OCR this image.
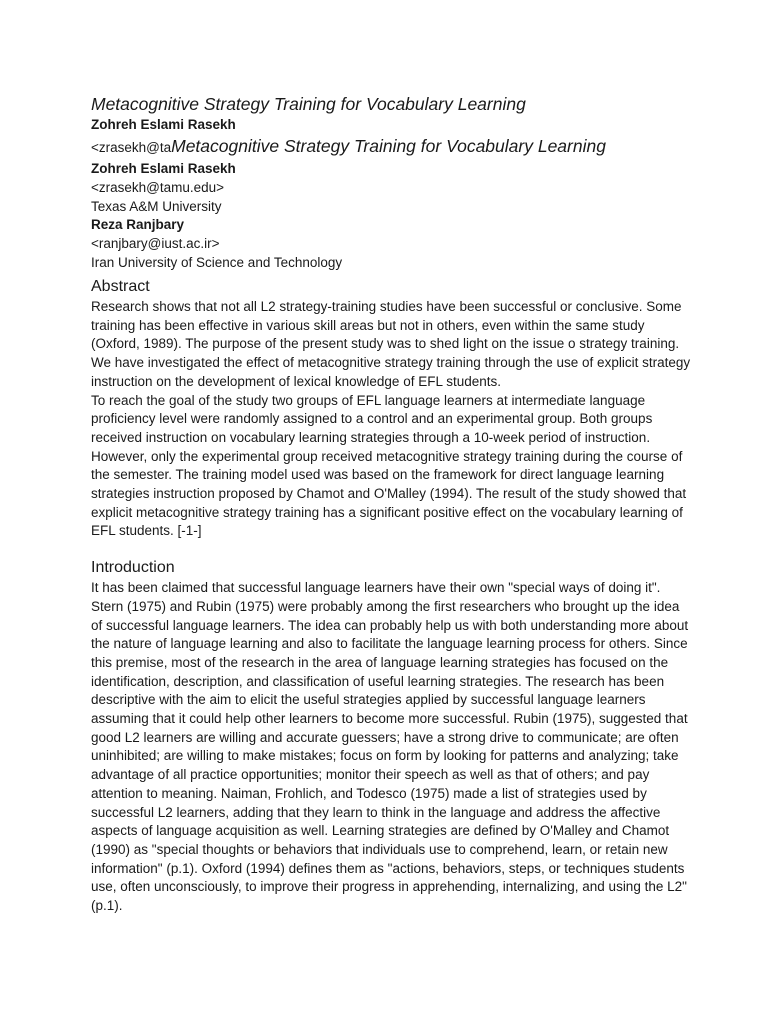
Metacognitive Strategy Training for Vocabulary Learning

Zohreh Eslami Rasekh

<zrasekh@taMetacognitive Strategy Training for Vocabulary Learning

Zohreh Eslami Rasekh

<zrasekh@tamu.edu>

Texas A&M University

Reza Ranjbary

<ranjbary@iust.ac.ir>

Iran University of Science and Technology

Abstract

Research shows that not all L2 strategy-training studies have been successful or conclusive. Some training has been effective in various skill areas but not in others, even within the same study (Oxford, 1989). The purpose of the present study was to shed light on the issue o strategy training. We have investigated the effect of metacognitive strategy training through the use of explicit strategy instruction on the development of lexical knowledge of EFL students.

To reach the goal of the study two groups of EFL language learners at intermediate language proficiency level were randomly assigned to a control and an experimental group. Both groups received instruction on vocabulary learning strategies through a 10-week period of instruction. However, only the experimental group received metacognitive strategy training during the course of the semester. The training model used was based on the framework for direct language learning strategies instruction proposed by Chamot and O'Malley (1994). The result of the study showed that explicit metacognitive strategy training has a significant positive effect on the vocabulary learning of EFL students. [-1-]

Introduction

It has been claimed that successful language learners have their own "special ways of doing it". Stern (1975) and Rubin (1975) were probably among the first researchers who brought up the idea of successful language learners. The idea can probably help us with both understanding more about the nature of language learning and also to facilitate the language learning process for others. Since this premise, most of the research in the area of language learning strategies has focused on the identification, description, and classification of useful learning strategies. The research has been descriptive with the aim to elicit the useful strategies applied by successful language learners assuming that it could help other learners to become more successful. Rubin (1975), suggested that good L2 learners are willing and accurate guessers; have a strong drive to communicate; are often uninhibited; are willing to make mistakes; focus on form by looking for patterns and analyzing; take advantage of all practice opportunities; monitor their speech as well as that of others; and pay attention to meaning. Naiman, Frohlich, and Todesco (1975) made a list of strategies used by successful L2 learners, adding that they learn to think in the language and address the affective aspects of language acquisition as well. Learning strategies are defined by O'Malley and Chamot (1990) as "special thoughts or behaviors that individuals use to comprehend, learn, or retain new information" (p.1). Oxford (1994) defines them as "actions, behaviors, steps, or techniques students use, often unconsciously, to improve their progress in apprehending, internalizing, and using the L2" (p.1).
